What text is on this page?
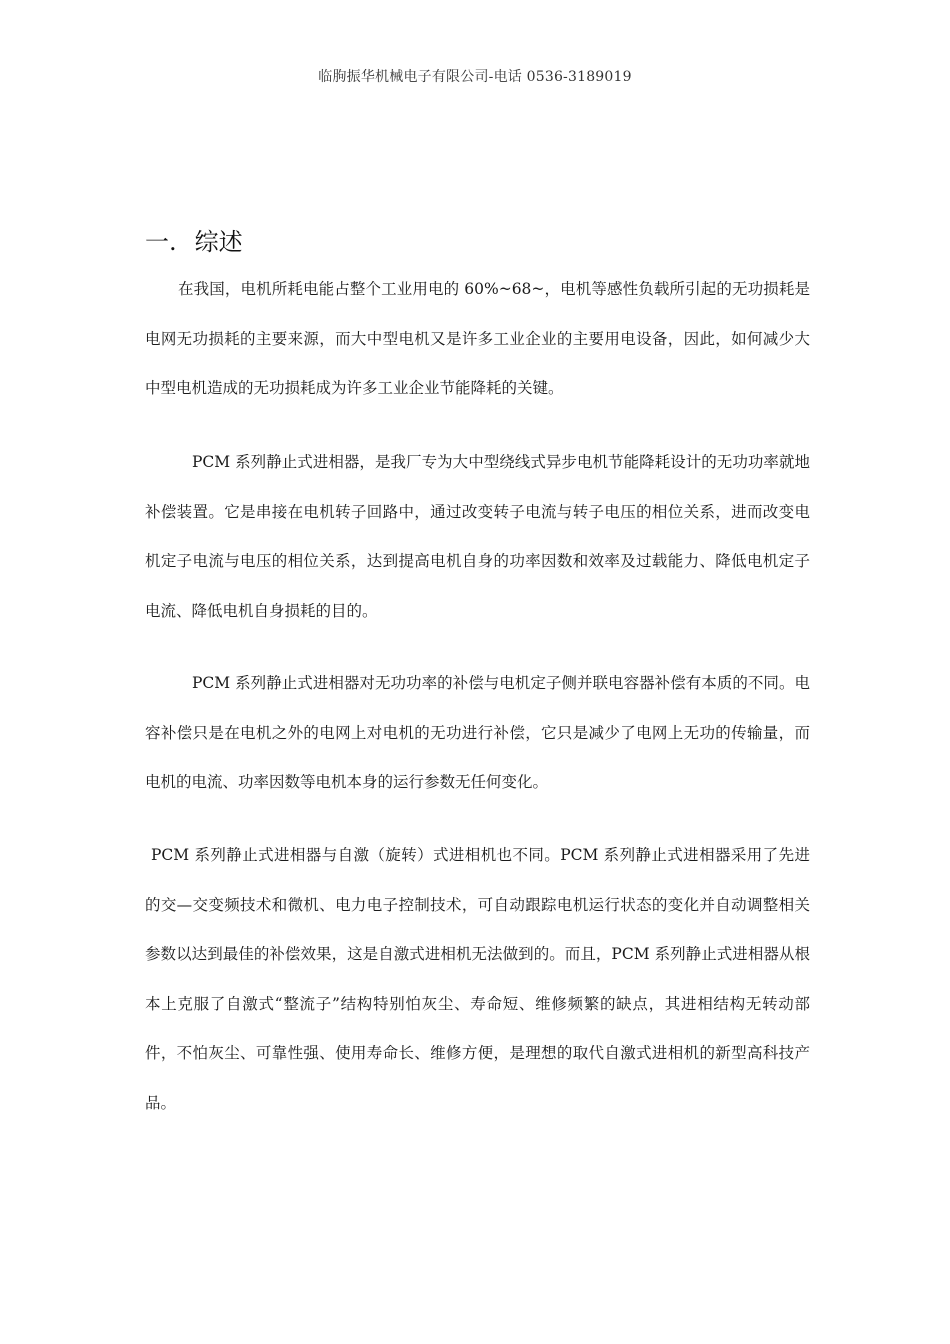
临朐振华机械电子有限公司-电话 0536-3189019
一. 综述

在我国，电机所耗电能占整个工业用电的 60%~68~，电机等感性负载所引起的无功损耗是电网无功损耗的主要来源，而大中型电机又是许多工业企业的主要用电设备，因此，如何减少大中型电机造成的无功损耗成为许多工业企业节能降耗的关键。

PCM 系列静止式进相器，是我厂专为大中型绕线式异步电机节能降耗设计的无功功率就地补偿装置。它是串接在电机转子回路中，通过改变转子电流与转子电压的相位关系，进而改变电机定子电流与电压的相位关系，达到提高电机自身的功率因数和效率及过载能力、降低电机定子电流、降低电机自身损耗的目的。

PCM 系列静止式进相器对无功功率的补偿与电机定子侧并联电容器补偿有本质的不同。电容补偿只是在电机之外的电网上对电机的无功进行补偿，它只是减少了电网上无功的传输量，而电机的电流、功率因数等电机本身的运行参数无任何变化。

PCM 系列静止式进相器与自激（旋转）式进相机也不同。PCM 系列静止式进相器采用了先进的交—交变频技术和微机、电力电子控制技术，可自动跟踪电机运行状态的变化并自动调整相关参数以达到最佳的补偿效果，这是自激式进相机无法做到的。而且，PCM 系列静止式进相器从根本上克服了自激式“整流子”结构特别怕灰尘、寿命短、维修频繁的缺点，其进相结构无转动部件，不怕灰尘、可靠性强、使用寿命长、维修方便，是理想的取代自激式进相机的新型高科技产品。
